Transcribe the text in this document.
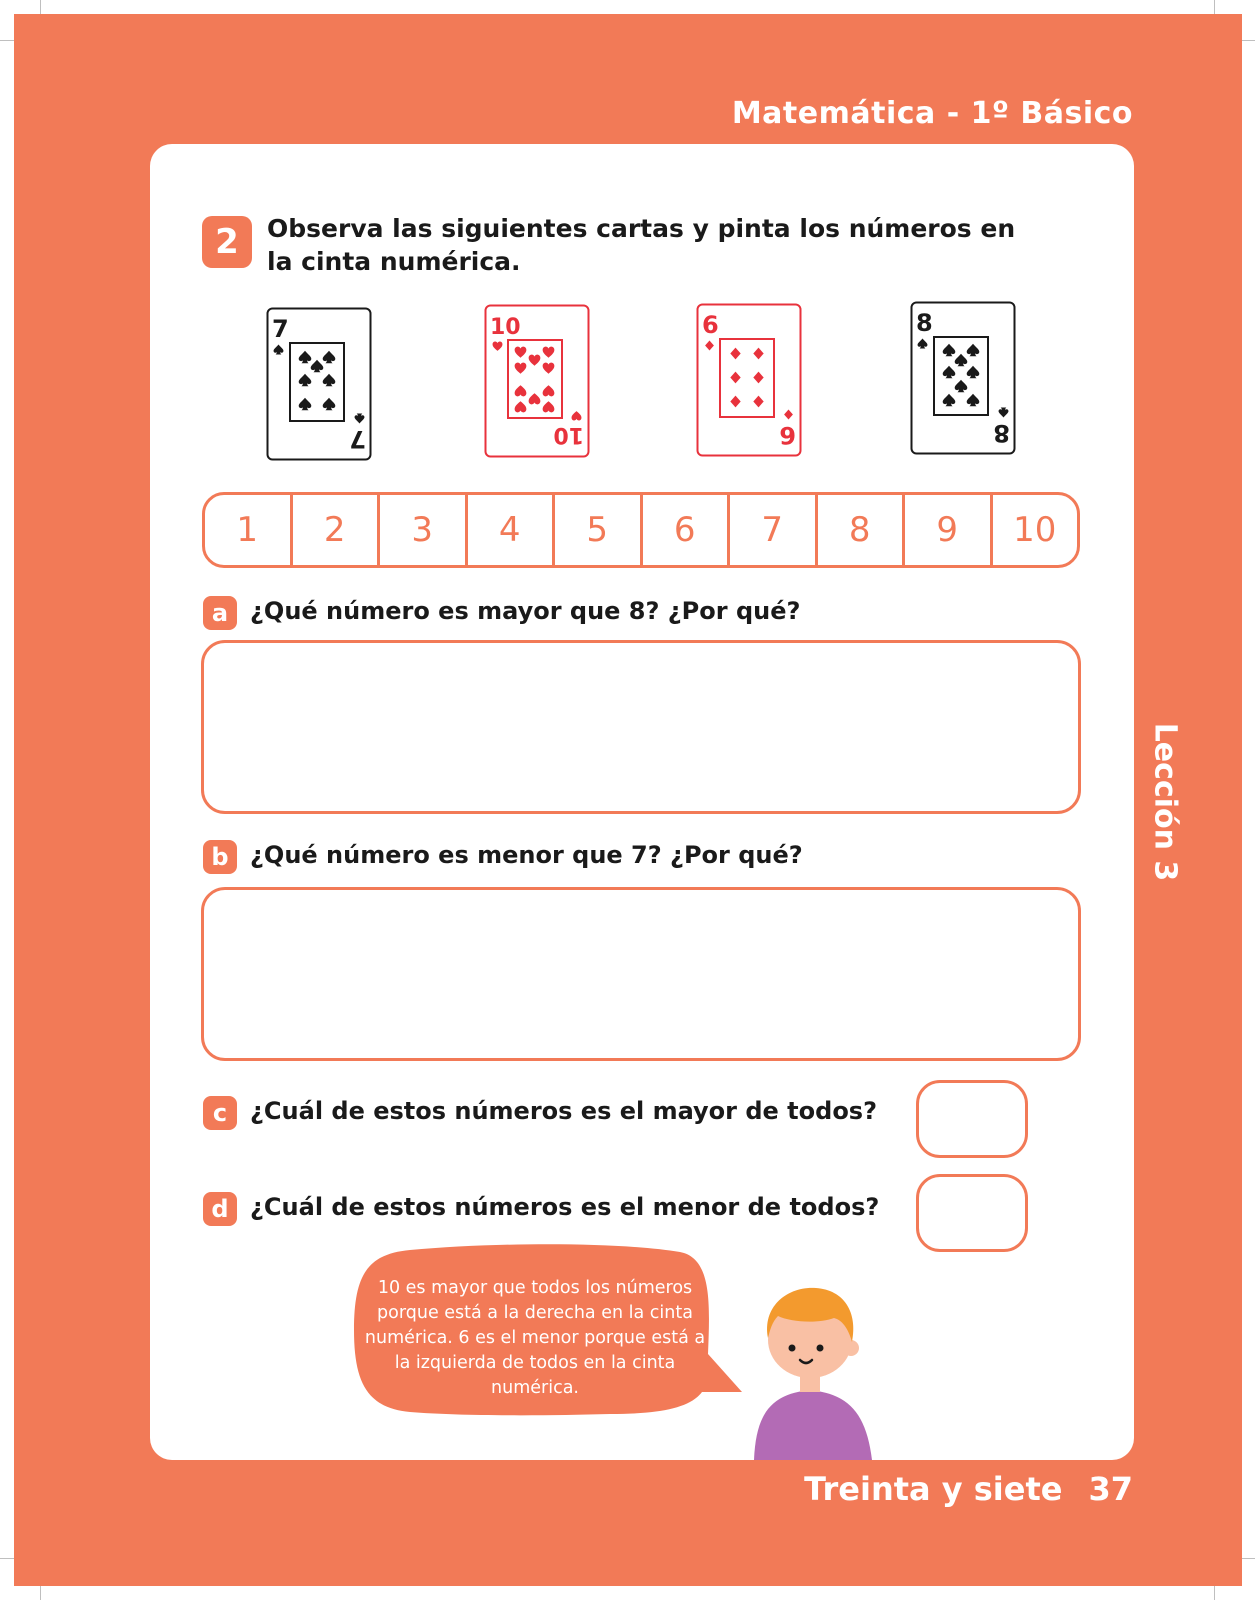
Matemática - 1º Básico
Lección 3
Treinta y siete 37
2	Observa las siguientes cartas y pinta los números en la cinta numérica.
7
7
10
10
6
6
8
8
1	2	3	4	5	6	7	8	9	10
a ¿Qué número es mayor que 8? ¿Por qué?
b ¿Qué número es menor que 7? ¿Por qué?
c ¿Cuál de estos números es el mayor de todos?
d ¿Cuál de estos números es el menor de todos?
10 es mayor que todos los números porque está a la derecha en la cinta numérica. 6 es el menor porque está a la izquierda de todos en la cinta numérica.
